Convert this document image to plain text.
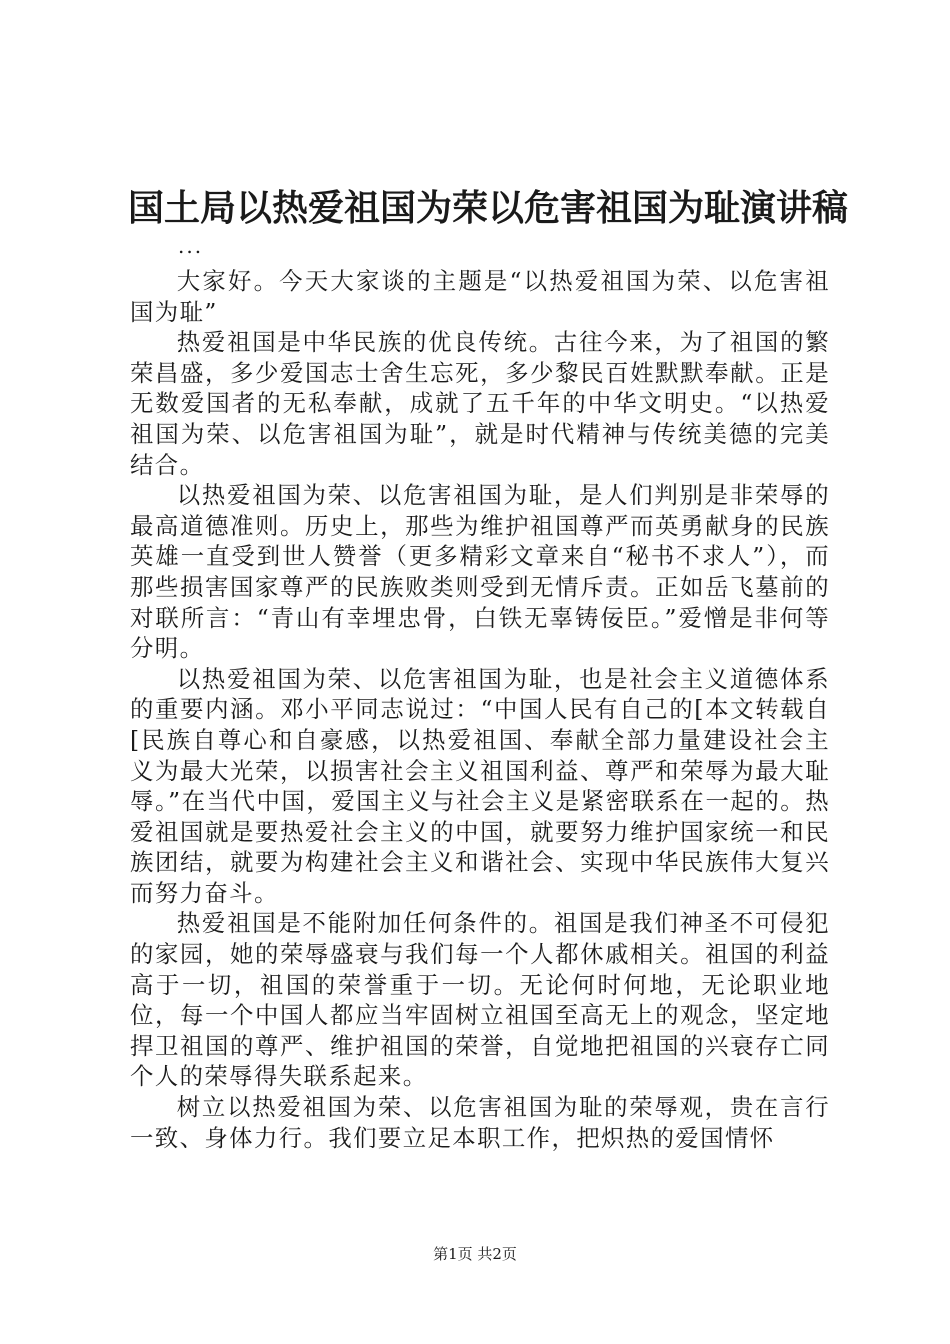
国土局以热爱祖国为荣以危害祖国为耻演讲稿
...

大家好。今天大家谈的主题是“以热爱祖国为荣、以危害祖国为耻”

热爱祖国是中华民族的优良传统。古往今来，为了祖国的繁荣昌盛，多少爱国志士舍生忘死，多少黎民百姓默默奉献。正是无数爱国者的无私奉献，成就了五千年的中华文明史。“以热爱祖国为荣、以危害祖国为耻”，就是时代精神与传统美德的完美结合。

以热爱祖国为荣、以危害祖国为耻，是人们判别是非荣辱的最高道德准则。历史上，那些为维护祖国尊严而英勇献身的民族英雄一直受到世人赞誉（更多精彩文章来自“秘书不求人”），而那些损害国家尊严的民族败类则受到无情斥责。正如岳飞墓前的对联所言：“青山有幸埋忠骨，白铁无辜铸佞臣。”爱憎是非何等分明。

以热爱祖国为荣、以危害祖国为耻，也是社会主义道德体系的重要内涵。邓小平同志说过：“中国人民有自己的[本文转载自[民族自尊心和自豪感，以热爱祖国、奉献全部力量建设社会主义为最大光荣，以损害社会主义祖国利益、尊严和荣辱为最大耻辱。”在当代中国，爱国主义与社会主义是紧密联系在一起的。热爱祖国就是要热爱社会主义的中国，就要努力维护国家统一和民族团结，就要为构建社会主义和谐社会、实现中华民族伟大复兴而努力奋斗。

热爱祖国是不能附加任何条件的。祖国是我们神圣不可侵犯的家园，她的荣辱盛衰与我们每一个人都休戚相关。祖国的利益高于一切，祖国的荣誉重于一切。无论何时何地，无论职业地位，每一个中国人都应当牢固树立祖国至高无上的观念，坚定地捍卫祖国的尊严、维护祖国的荣誉，自觉地把祖国的兴衰存亡同个人的荣辱得失联系起来。

树立以热爱祖国为荣、以危害祖国为耻的荣辱观，贵在言行一致、身体力行。我们要立足本职工作，把炽热的爱国情怀

第1页 共2页
